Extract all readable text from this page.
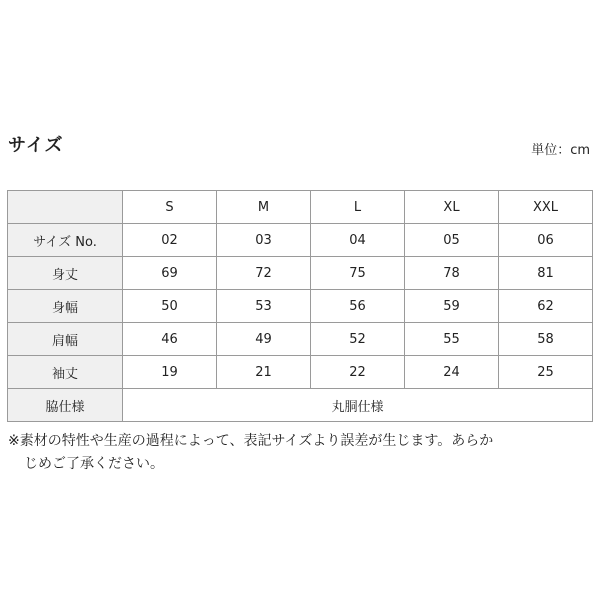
サイズ	単位：cm
	S	M	L	XL	XXL
サイズ No.	02	03	04	05	06
身丈	69	72	75	78	81
身幅	50	53	56	59	62
肩幅	46	49	52	55	58
袖丈	19	21	22	24	25
脇仕様	丸胴仕様				
※素材の特性や生産の過程によって、表記サイズより誤差が生じます。あらか
じめご了承ください。
